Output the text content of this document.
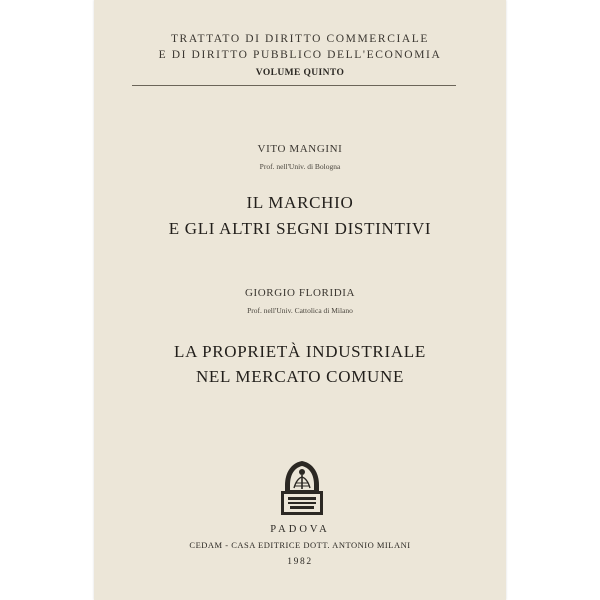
TRATTATO DI DIRITTO COMMERCIALE
E DI DIRITTO PUBBLICO DELL'ECONOMIA
VOLUME QUINTO
VITO MANGINI
Prof. nell'Univ. di Bologna
IL MARCHIO
E GLI ALTRI SEGNI DISTINTIVI
GIORGIO FLORIDIA
Prof. nell'Univ. Cattolica di Milano
LA PROPRIETÀ INDUSTRIALE
NEL MERCATO COMUNE
PADOVA
CEDAM - CASA EDITRICE DOTT. ANTONIO MILANI
1982
